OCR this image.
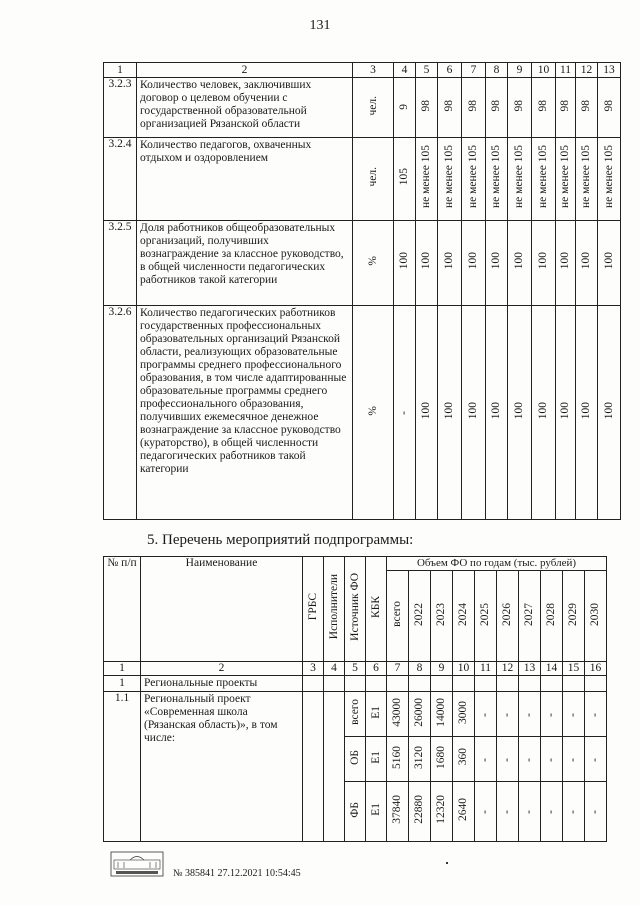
131
1	2	3	4	5	6	7	8	9	10	11	12	13
3.2.3	Количество человек, заключивших договор о целевом обучении с государственной образовательной организацией Рязанской области	чел.	9	98	98	98	98	98	98	98	98	98
3.2.4	Количество педагогов, охваченных отдыхом и оздоровлением	чел.	105	не менее 105	не менее 105	не менее 105	не менее 105	не менее 105	не менее 105	не менее 105	не менее 105	не менее 105
3.2.5	Доля работников общеобразовательных организаций, получивших вознаграждение за классное руководство, в общей численности педагогических работников такой категории	%	100	100	100	100	100	100	100	100	100	100
3.2.6	Количество педагогических работников государственных профессиональных образовательных организаций Рязанской области, реализующих образовательные программы среднего профессионального образования, в том числе адаптированные образовательные программы среднего профессионального образования, получивших ежемесячное денежное вознаграждение за классное руководство (кураторство), в общей численности педагогических работников такой категории	%	-	100	100	100	100	100	100	100	100	100
5. Перечень мероприятий подпрограммы:
№ п/п	Наименование	ГРБС	Исполнители	Источник ФО	КБК	Объем ФО по годам (тыс. рублей)									
						всего	2022	2023	2024	2025	2026	2027	2028	2029	2030
1	2	3	4	5	6	7	8	9	10	11	12	13	14	15	16
1	Региональные проекты														
1.1	Региональный проект «Современная школа (Рязанская область)», в том числе:			всего	E1	43000	26000	14000	3000	-	-	-	-	-	-
				ОБ	E1	5160	3120	1680	360	-	-	-	-	-	-
				ФБ	E1	37840	22880	12320	2640	-	-	-	-	-	-
№ 385841 27.12.2021 10:54:45
